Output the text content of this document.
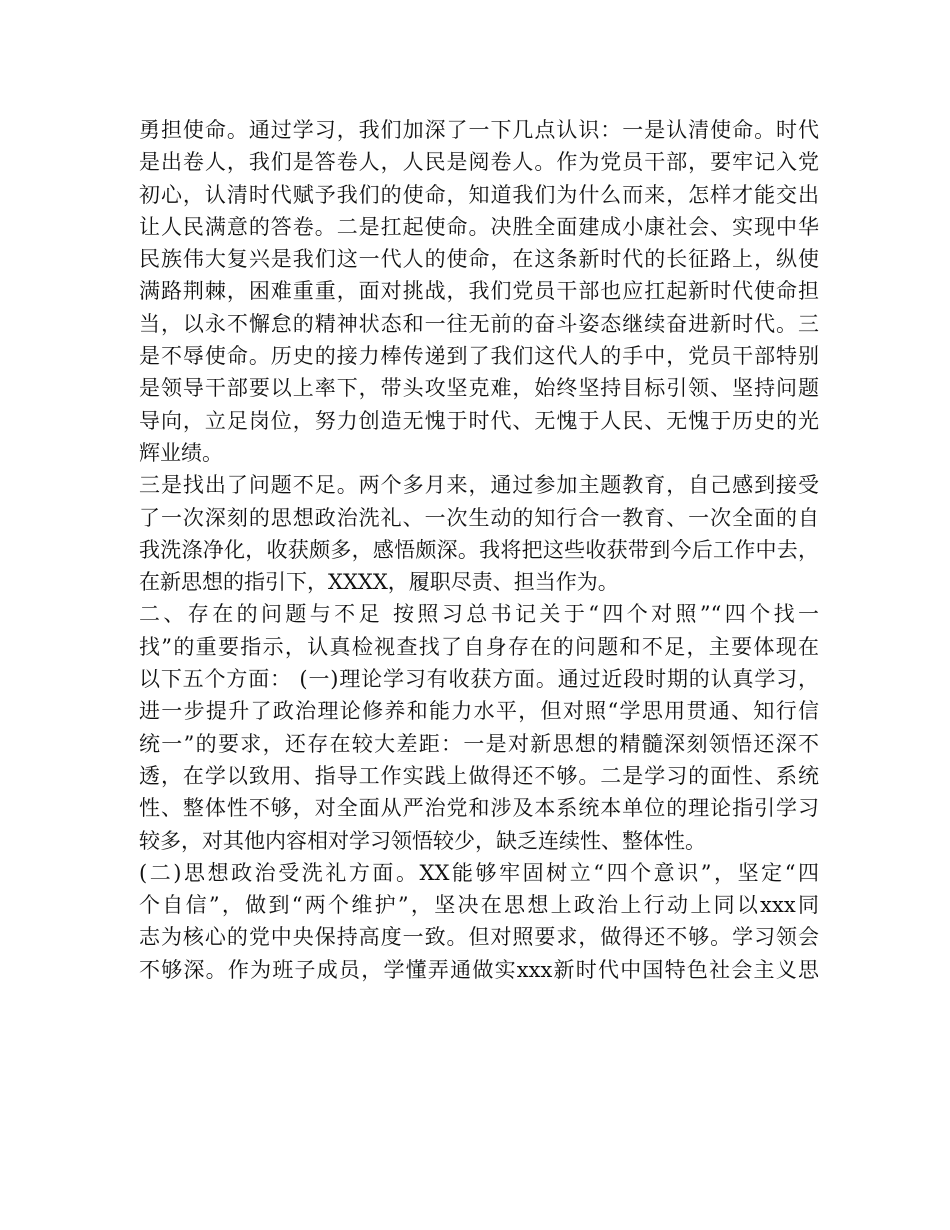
勇担使命。通过学习，我们加深了一下几点认识：一是认清使命。时代
是出卷人，我们是答卷人，人民是阅卷人。作为党员干部，要牢记入党
初心，认清时代赋予我们的使命，知道我们为什么而来，怎样才能交出
让人民满意的答卷。二是扛起使命。决胜全面建成小康社会、实现中华
民族伟大复兴是我们这一代人的使命，在这条新时代的长征路上，纵使
满路荆棘，困难重重，面对挑战，我们党员干部也应扛起新时代使命担
当，以永不懈怠的精神状态和一往无前的奋斗姿态继续奋进新时代。三
是不辱使命。历史的接力棒传递到了我们这代人的手中，党员干部特别
是领导干部要以上率下，带头攻坚克难，始终坚持目标引领、坚持问题
导向，立足岗位，努力创造无愧于时代、无愧于人民、无愧于历史的光
辉业绩。
三是找出了问题不足。两个多月来，通过参加主题教育，自己感到接受
了一次深刻的思想政治洗礼、一次生动的知行合一教育、一次全面的自
我洗涤净化，收获颇多，感悟颇深。我将把这些收获带到今后工作中去，
在新思想的指引下，XXXX，履职尽责、担当作为。
二、存在的问题与不足 按照习总书记关于“四个对照”“四个找一
找”的重要指示，认真检视查找了自身存在的问题和不足，主要体现在
以下五个方面： (一)理论学习有收获方面。通过近段时期的认真学习，
进一步提升了政治理论修养和能力水平，但对照“学思用贯通、知行信
统一”的要求，还存在较大差距：一是对新思想的精髓深刻领悟还深不
透，在学以致用、指导工作实践上做得还不够。二是学习的面性、系统
性、整体性不够，对全面从严治党和涉及本系统本单位的理论指引学习
较多，对其他内容相对学习领悟较少，缺乏连续性、整体性。
(二)思想政治受洗礼方面。XX能够牢固树立“四个意识”，坚定“四
个自信”，做到“两个维护”，坚决在思想上政治上行动上同以xxx同
志为核心的党中央保持高度一致。但对照要求，做得还不够。学习领会
不够深。作为班子成员，学懂弄通做实xxx新时代中国特色社会主义思
